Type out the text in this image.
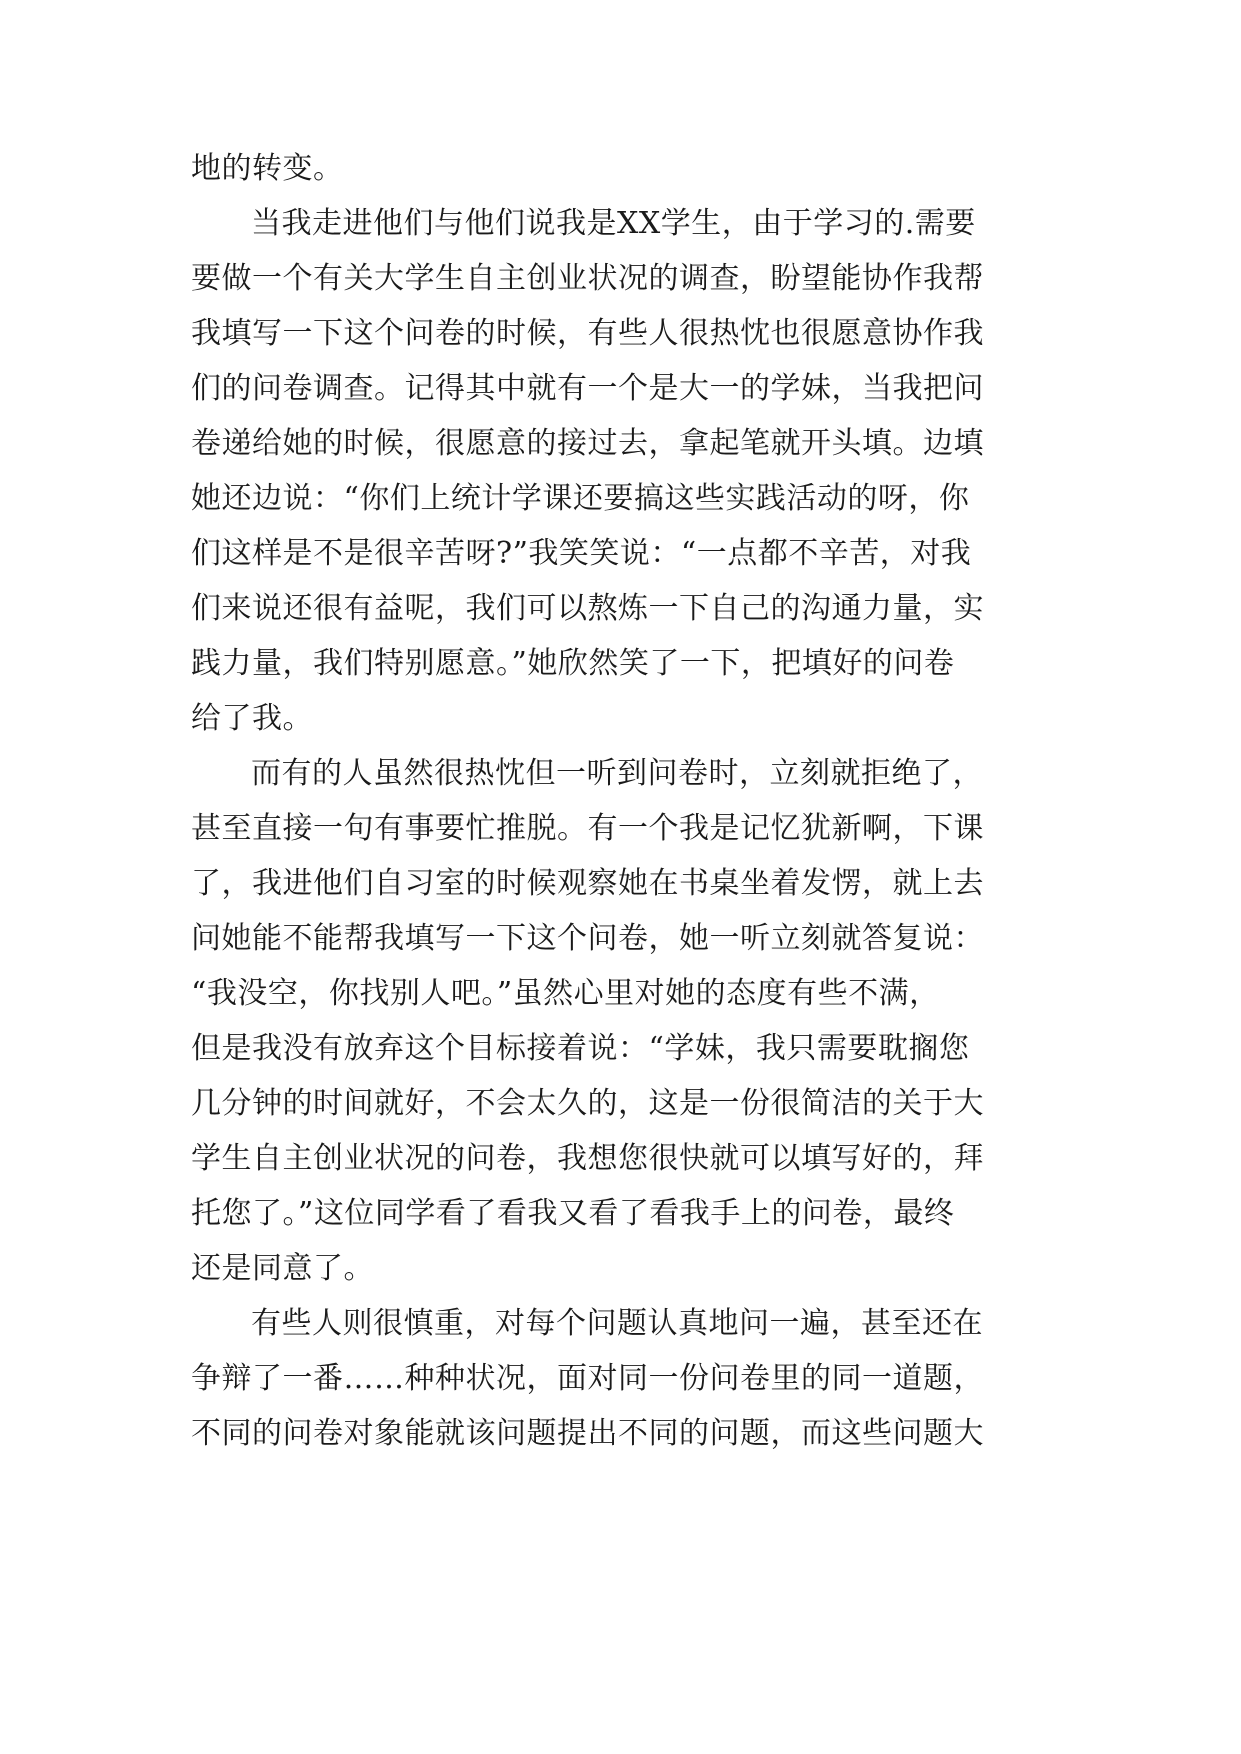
地的转变。
当我走进他们与他们说我是XX学生，由于学习的.需要
要做一个有关大学生自主创业状况的调查，盼望能协作我帮
我填写一下这个问卷的时候，有些人很热忱也很愿意协作我
们的问卷调查。记得其中就有一个是大一的学妹，当我把问
卷递给她的时候，很愿意的接过去，拿起笔就开头填。边填
她还边说：“你们上统计学课还要搞这些实践活动的呀，你
们这样是不是很辛苦呀?”我笑笑说：“一点都不辛苦，对我
们来说还很有益呢，我们可以熬炼一下自己的沟通力量，实
践力量，我们特别愿意。”她欣然笑了一下，把填好的问卷
给了我。
而有的人虽然很热忱但一听到问卷时，立刻就拒绝了，
甚至直接一句有事要忙推脱。有一个我是记忆犹新啊，下课
了，我进他们自习室的时候观察她在书桌坐着发愣，就上去
问她能不能帮我填写一下这个问卷，她一听立刻就答复说：
“我没空，你找别人吧。”虽然心里对她的态度有些不满，
但是我没有放弃这个目标接着说：“学妹，我只需要耽搁您
几分钟的时间就好，不会太久的，这是一份很简洁的关于大
学生自主创业状况的问卷，我想您很快就可以填写好的，拜
托您了。”这位同学看了看我又看了看我手上的问卷，最终
还是同意了。
有些人则很慎重，对每个问题认真地问一遍，甚至还在
争辩了一番……种种状况，面对同一份问卷里的同一道题，
不同的问卷对象能就该问题提出不同的问题，而这些问题大
